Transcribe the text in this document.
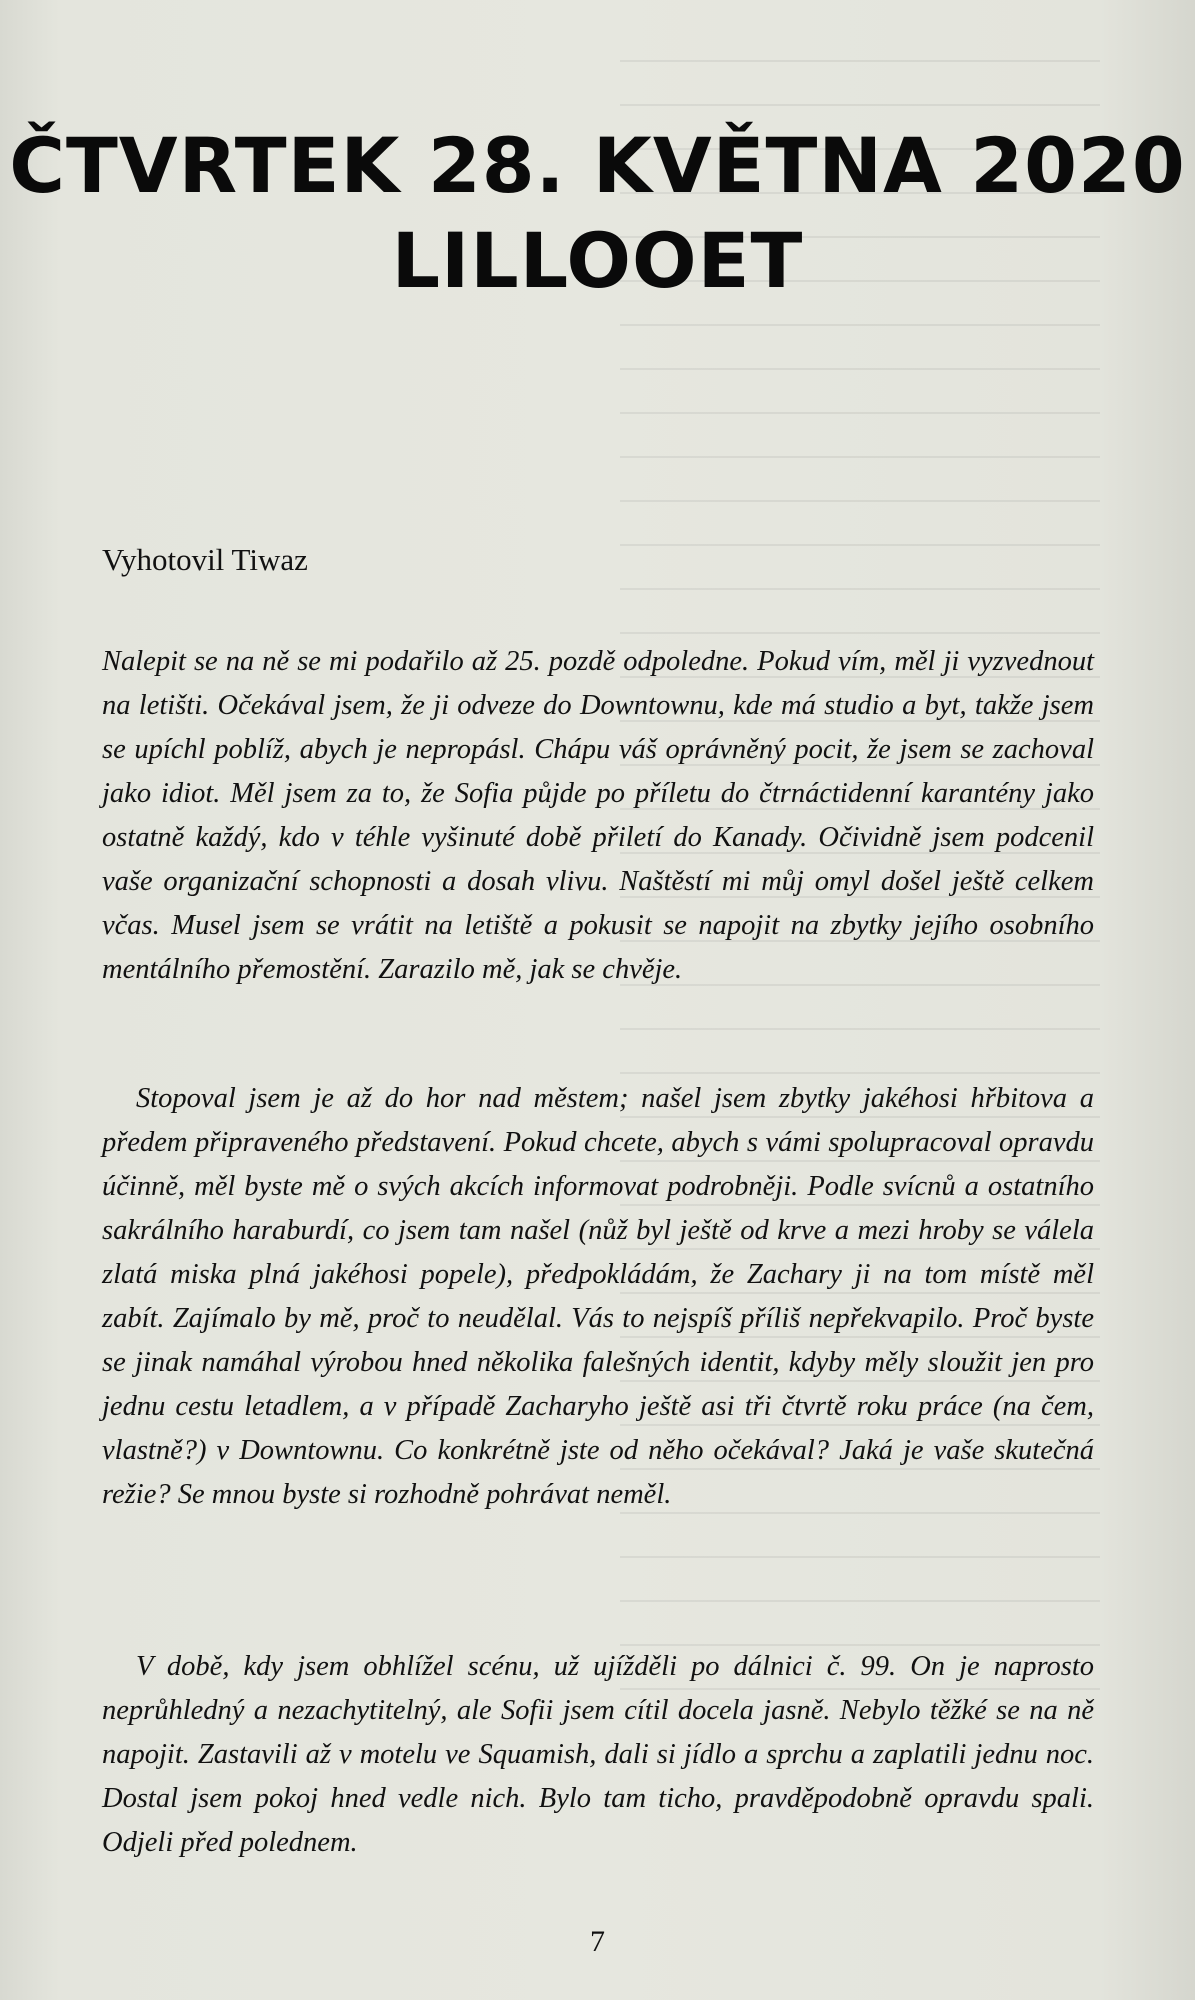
ČTVRTEK 28. KVĚTNA 2020
LILLOOET

Vyhotovil Tiwaz

Nalepit se na ně se mi podařilo až 25. pozdě odpoledne. Pokud vím, měl ji vyzvednout na letišti. Očekával jsem, že ji odveze do Downtownu, kde má studio a byt, takže jsem se upíchl poblíž, abych je nepropásl. Chápu váš oprávněný pocit, že jsem se zachoval jako idiot. Měl jsem za to, že Sofia půjde po příletu do čtrnáctidenní karantény jako ostatně každý, kdo v téhle vyšinuté době přiletí do Kanady. Očividně jsem podcenil vaše organizační schopnosti a dosah vlivu. Naštěstí mi můj omyl došel ještě celkem včas. Musel jsem se vrátit na letiště a pokusit se napojit na zbytky jejího osobního mentálního přemostění. Zarazilo mě, jak se chvěje.

Stopoval jsem je až do hor nad městem; našel jsem zbytky jakéhosi hřbitova a předem připraveného představení. Pokud chcete, abych s vámi spolupracoval opravdu účinně, měl byste mě o svých akcích informovat podrobněji. Podle svícnů a ostatního sakrálního haraburdí, co jsem tam našel (nůž byl ještě od krve a mezi hroby se válela zlatá miska plná jakéhosi popele), předpokládám, že Zachary ji na tom místě měl zabít. Zajímalo by mě, proč to neudělal. Vás to nejspíš příliš nepřekvapilo. Proč byste se jinak namáhal výrobou hned několika falešných identit, kdyby měly sloužit jen pro jednu cestu letadlem, a v případě Zacharyho ještě asi tři čtvrtě roku práce (na čem, vlastně?) v Downtownu. Co konkrétně jste od něho očekával? Jaká je vaše skutečná režie? Se mnou byste si rozhodně pohrávat neměl.

V době, kdy jsem obhlížel scénu, už ujížděli po dálnici č. 99. On je naprosto neprůhledný a nezachytitelný, ale Sofii jsem cítil docela jasně. Nebylo těžké se na ně napojit. Zastavili až v motelu ve Squamish, dali si jídlo a sprchu a zaplatili jednu noc. Dostal jsem pokoj hned vedle nich. Bylo tam ticho, pravděpodobně opravdu spali. Odjeli před polednem.

7
